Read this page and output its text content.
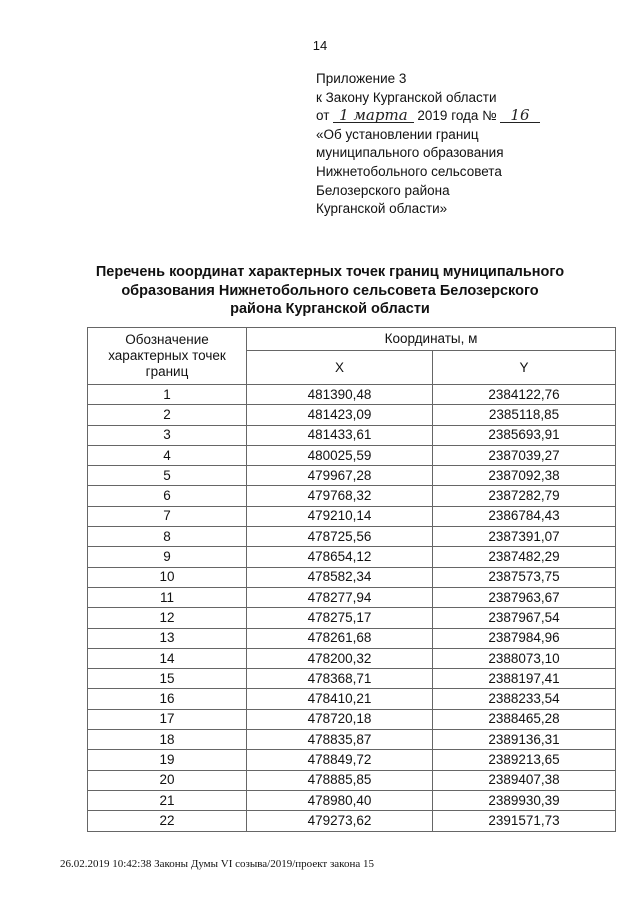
14
Приложение 3
к Закону Курганской области
от 1 марта 2019 года № 16
«Об установлении границ
муниципального образования
Нижнетобольного сельсовета
Белозерского района
Курганской области»
Перечень координат характерных точек границ муниципального
образования Нижнетобольного сельсовета Белозерского
района Курганской области
Обозначение характерных точек границ	Координаты, м	
	X	Y
1	481390,48	2384122,76
2	481423,09	2385118,85
3	481433,61	2385693,91
4	480025,59	2387039,27
5	479967,28	2387092,38
6	479768,32	2387282,79
7	479210,14	2386784,43
8	478725,56	2387391,07
9	478654,12	2387482,29
10	478582,34	2387573,75
11	478277,94	2387963,67
12	478275,17	2387967,54
13	478261,68	2387984,96
14	478200,32	2388073,10
15	478368,71	2388197,41
16	478410,21	2388233,54
17	478720,18	2388465,28
18	478835,87	2389136,31
19	478849,72	2389213,65
20	478885,85	2389407,38
21	478980,40	2389930,39
22	479273,62	2391571,73
26.02.2019 10:42:38 Законы Думы VI созыва/2019/проект закона 15
